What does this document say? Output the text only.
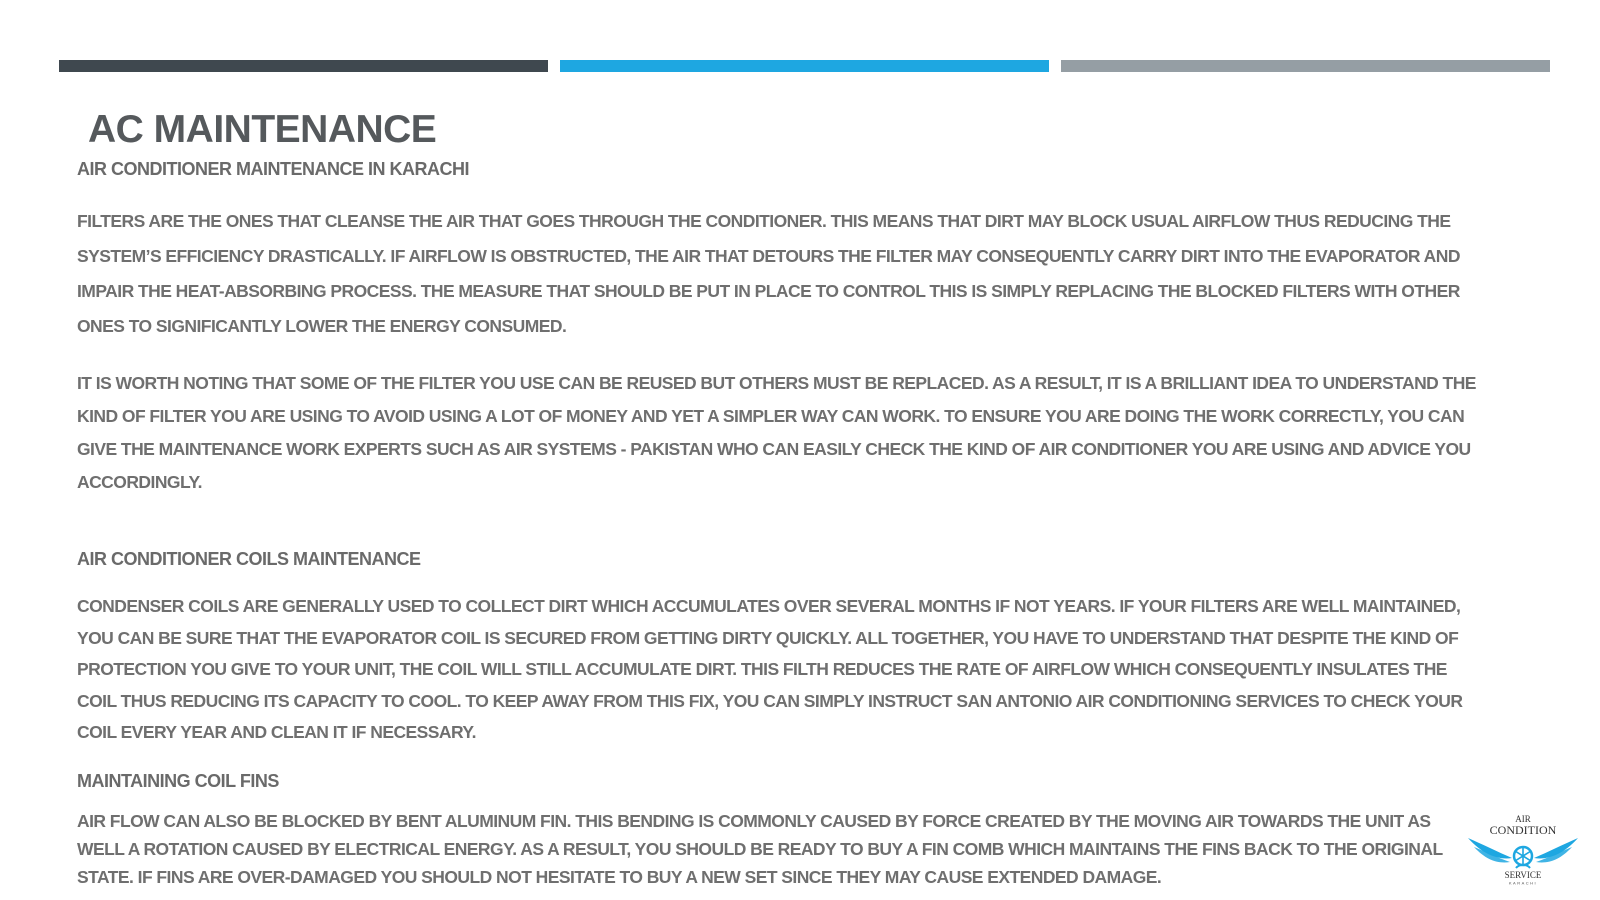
AC MAINTENANCE
AIR CONDITIONER MAINTENANCE IN KARACHI

FILTERS ARE THE ONES THAT CLEANSE THE AIR THAT GOES THROUGH THE CONDITIONER. THIS MEANS THAT DIRT MAY BLOCK USUAL AIRFLOW THUS REDUCING THE SYSTEM’S EFFICIENCY DRASTICALLY. IF AIRFLOW IS OBSTRUCTED, THE AIR THAT DETOURS THE FILTER MAY CONSEQUENTLY CARRY DIRT INTO THE EVAPORATOR AND IMPAIR THE HEAT-ABSORBING PROCESS. THE MEASURE THAT SHOULD BE PUT IN PLACE TO CONTROL THIS IS SIMPLY REPLACING THE BLOCKED FILTERS WITH OTHER ONES TO SIGNIFICANTLY LOWER THE ENERGY CONSUMED.

IT IS WORTH NOTING THAT SOME OF THE FILTER YOU USE CAN BE REUSED BUT OTHERS MUST BE REPLACED. AS A RESULT, IT IS A BRILLIANT IDEA TO UNDERSTAND THE KIND OF FILTER YOU ARE USING TO AVOID USING A LOT OF MONEY AND YET A SIMPLER WAY CAN WORK. TO ENSURE YOU ARE DOING THE WORK CORRECTLY, YOU CAN GIVE THE MAINTENANCE WORK EXPERTS SUCH AS AIR SYSTEMS - PAKISTAN WHO CAN EASILY CHECK THE KIND OF AIR CONDITIONER YOU ARE USING AND ADVICE YOU ACCORDINGLY.

AIR CONDITIONER COILS MAINTENANCE

CONDENSER COILS ARE GENERALLY USED TO COLLECT DIRT WHICH ACCUMULATES OVER SEVERAL MONTHS IF NOT YEARS. IF YOUR FILTERS ARE WELL MAINTAINED, YOU CAN BE SURE THAT THE EVAPORATOR COIL IS SECURED FROM GETTING DIRTY QUICKLY. ALL TOGETHER, YOU HAVE TO UNDERSTAND THAT DESPITE THE KIND OF PROTECTION YOU GIVE TO YOUR UNIT, THE COIL WILL STILL ACCUMULATE DIRT. THIS FILTH REDUCES THE RATE OF AIRFLOW WHICH CONSEQUENTLY INSULATES THE COIL THUS REDUCING ITS CAPACITY TO COOL. TO KEEP AWAY FROM THIS FIX, YOU CAN SIMPLY INSTRUCT SAN ANTONIO AIR CONDITIONING SERVICES TO CHECK YOUR COIL EVERY YEAR AND CLEAN IT IF NECESSARY.

MAINTAINING COIL FINS

AIR FLOW CAN ALSO BE BLOCKED BY BENT ALUMINUM FIN. THIS BENDING IS COMMONLY CAUSED BY FORCE CREATED BY THE MOVING AIR TOWARDS THE UNIT AS WELL A ROTATION CAUSED BY ELECTRICAL ENERGY. AS A RESULT, YOU SHOULD BE READY TO BUY A FIN COMB WHICH MAINTAINS THE FINS BACK TO THE ORIGINAL STATE. IF FINS ARE OVER-DAMAGED YOU SHOULD NOT HESITATE TO BUY A NEW SET SINCE THEY MAY CAUSE EXTENDED DAMAGE.

AIR
CONDITION
SERVICE
KARACHI
